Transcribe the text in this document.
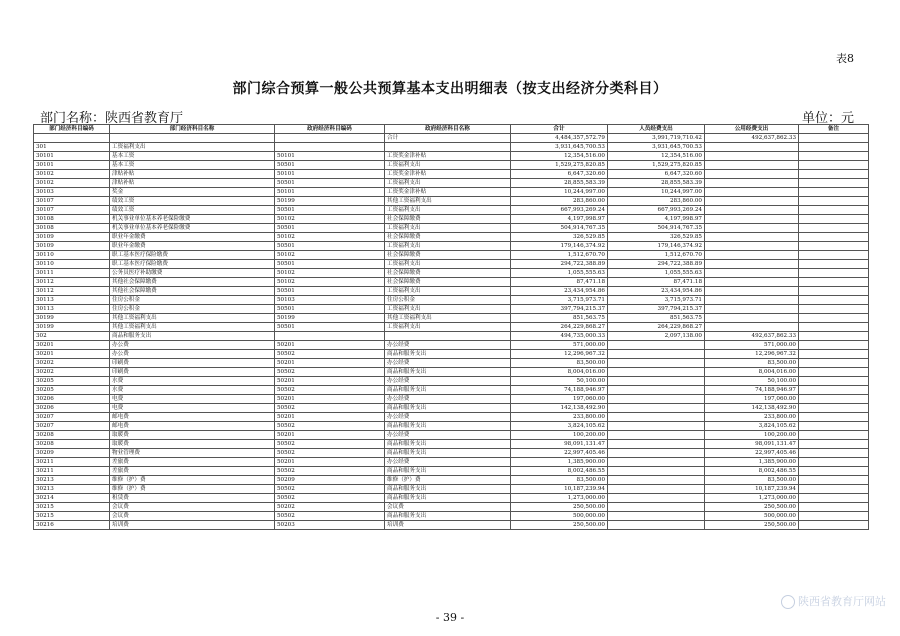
表8
部门综合预算一般公共预算基本支出明细表（按支出经济分类科目）
部门名称：陕西省教育厅	单位：元
部门经济科目编码	部门经济科目名称	政府经济科目编码	政府经济科目名称	合计	人员经费支出	公用经费支出	备注
			合计	4,484,357,572.79	3,991,719,710.42	492,637,862.33	
301	工资福利支出			3,931,645,700.53	3,931,645,700.53		
30101	基本工资	50101	工资奖金津补贴	12,354,516.00	12,354,516.00		
30101	基本工资	50501	工资福利支出	1,529,275,820.85	1,529,275,820.85		
30102	津贴补贴	50101	工资奖金津补贴	6,647,320.60	6,647,320.60		
30102	津贴补贴	50501	工资福利支出	28,855,583.39	28,855,583.39		
30103	奖金	50101	工资奖金津补贴	10,244,997.00	10,244,997.00		
30107	绩效工资	50199	其他工资福利支出	283,860.00	283,860.00		
30107	绩效工资	50501	工资福利支出	667,993,269.24	667,993,269.24		
30108	机关事业单位基本养老保险缴费	50102	社会保障缴费	4,197,998.97	4,197,998.97		
30108	机关事业单位基本养老保险缴费	50501	工资福利支出	504,914,767.35	504,914,767.35		
30109	职业年金缴费	50102	社会保障缴费	326,529.85	326,529.85		
30109	职业年金缴费	50501	工资福利支出	179,146,374.92	179,146,374.92		
30110	职工基本医疗保险缴费	50102	社会保障缴费	1,512,670.70	1,512,670.70		
30110	职工基本医疗保险缴费	50501	工资福利支出	294,722,388.89	294,722,388.89		
30111	公务员医疗补助缴费	50102	社会保障缴费	1,055,555.63	1,055,555.63		
30112	其他社会保障缴费	50102	社会保障缴费	87,471.18	87,471.18		
30112	其他社会保障缴费	50501	工资福利支出	23,434,954.86	23,434,954.86		
30113	住房公积金	50103	住房公积金	3,715,973.71	3,715,973.71		
30113	住房公积金	50501	工资福利支出	397,794,215.37	397,794,215.37		
30199	其他工资福利支出	50199	其他工资福利支出	851,563.75	851,563.75		
30199	其他工资福利支出	50501	工资福利支出	264,229,868.27	264,229,868.27		
302	商品和服务支出			494,735,000.33	2,097,138.00	492,637,862.33	
30201	办公费	50201	办公经费	571,000.00		571,000.00	
30201	办公费	50502	商品和服务支出	12,296,967.32		12,296,967.32	
30202	印刷费	50201	办公经费	83,500.00		83,500.00	
30202	印刷费	50502	商品和服务支出	8,004,016.00		8,004,016.00	
30205	水费	50201	办公经费	50,100.00		50,100.00	
30205	水费	50502	商品和服务支出	74,188,946.97		74,188,946.97	
30206	电费	50201	办公经费	197,060.00		197,060.00	
30206	电费	50502	商品和服务支出	142,138,492.90		142,138,492.90	
30207	邮电费	50201	办公经费	233,800.00		233,800.00	
30207	邮电费	50502	商品和服务支出	3,824,105.62		3,824,105.62	
30208	取暖费	50201	办公经费	100,200.00		100,200.00	
30208	取暖费	50502	商品和服务支出	98,091,131.47		98,091,131.47	
30209	物业管理费	50502	商品和服务支出	22,997,405.46		22,997,405.46	
30211	差旅费	50201	办公经费	1,385,900.00		1,385,900.00	
30211	差旅费	50502	商品和服务支出	8,002,486.55		8,002,486.55	
30213	维修（护）费	50209	维修（护）费	83,500.00		83,500.00	
30213	维修（护）费	50502	商品和服务支出	10,187,239.94		10,187,239.94	
30214	租赁费	50502	商品和服务支出	1,273,000.00		1,273,000.00	
30215	会议费	50202	会议费	250,500.00		250,500.00	
30215	会议费	50502	商品和服务支出	500,000.00		500,000.00	
30216	培训费	50203	培训费	250,500.00		250,500.00	
- 39 -
陕西省教育厅网站
